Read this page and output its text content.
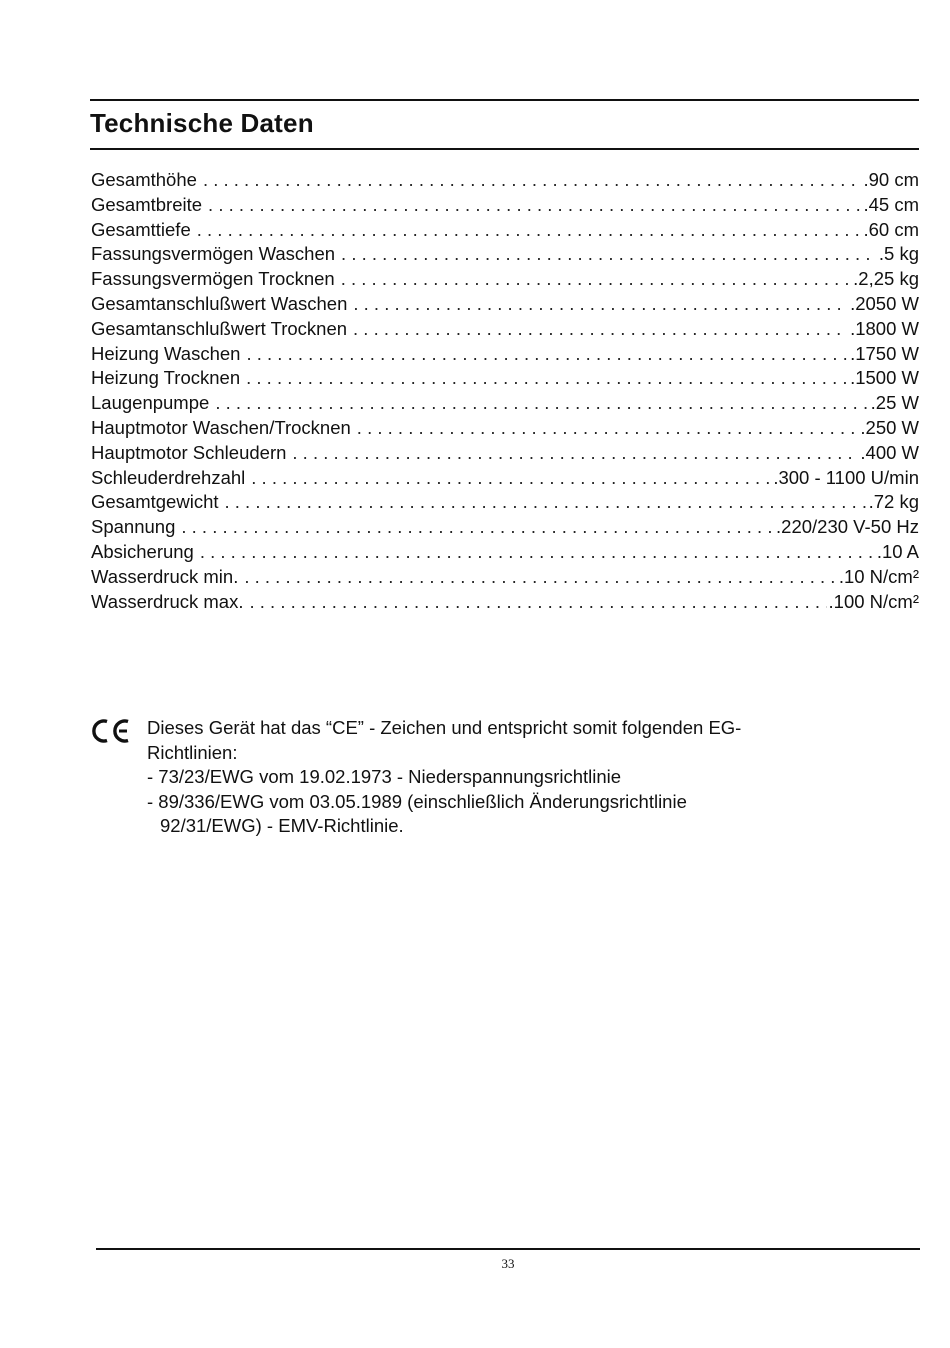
Technische Daten
Gesamthöhe . . .	.90 cm
Gesamtbreite . . .	.45 cm
Gesamttiefe . . .	.60 cm
Fassungsvermögen Waschen . . .	.5 kg
Fassungsvermögen Trocknen . . .	.2,25 kg
Gesamtanschlußwert Waschen . . .	.2050 W
Gesamtanschlußwert Trocknen . . .	.1800 W
Heizung Waschen . . .	.1750 W
Heizung Trocknen . . .	.1500 W
Laugenpumpe . . .	.25 W
Hauptmotor Waschen/Trocknen . . .	.250 W
Hauptmotor Schleudern . . .	.400 W
Schleuderdrehzahl . . .	.300 - 1100 U/min
Gesamtgewicht . . .	.72 kg
Spannung . . .	.220/230 V-50 Hz
Absicherung . . .	.10 A
Wasserdruck min. . . .	.10 N/cm²
Wasserdruck max. . . .	.100 N/cm²
Dieses Gerät hat das “CE” - Zeichen und entspricht somit folgenden EG-
Richtlinien:
- 73/23/EWG vom 19.02.1973 - Niederspannungsrichtlinie
- 89/336/EWG vom 03.05.1989 (einschließlich Änderungsrichtlinie
92/31/EWG) - EMV-Richtlinie.
33
